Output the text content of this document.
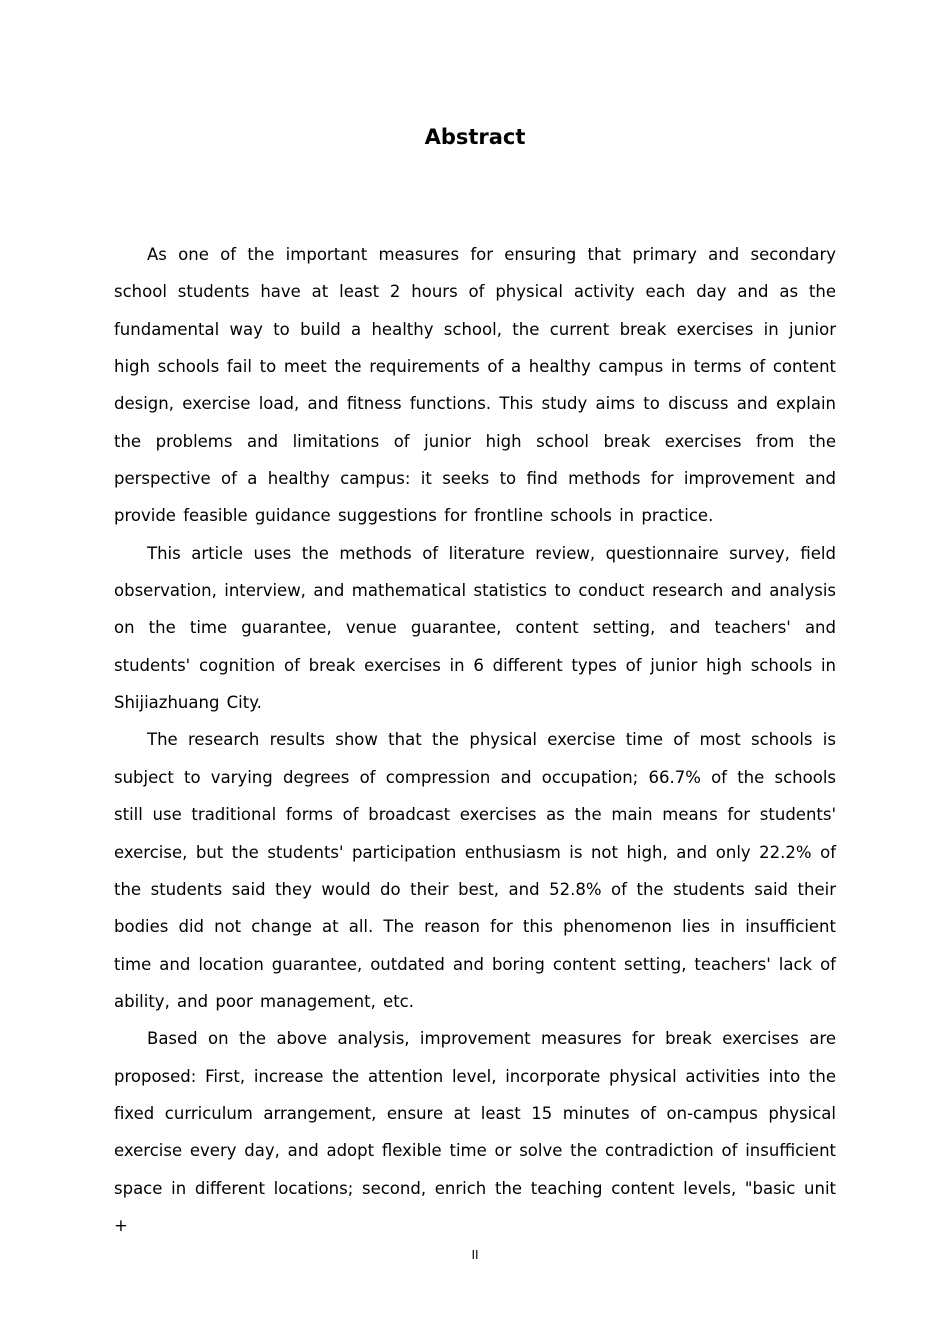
Abstract

As one of the important measures for ensuring that primary and secondary school students have at least 2 hours of physical activity each day and as the fundamental way to build a healthy school, the current break exercises in junior high schools fail to meet the requirements of a healthy campus in terms of content design, exercise load, and fitness functions. This study aims to discuss and explain the problems and limitations of junior high school break exercises from the perspective of a healthy campus: it seeks to find methods for improvement and provide feasible guidance suggestions for frontline schools in practice.

This article uses the methods of literature review, questionnaire survey, field observation, interview, and mathematical statistics to conduct research and analysis on the time guarantee, venue guarantee, content setting, and teachers' and students' cognition of break exercises in 6 different types of junior high schools in Shijiazhuang City.

The research results show that the physical exercise time of most schools is subject to varying degrees of compression and occupation; 66.7% of the schools still use traditional forms of broadcast exercises as the main means for students' exercise, but the students' participation enthusiasm is not high, and only 22.2% of the students said they would do their best, and 52.8% of the students said their bodies did not change at all. The reason for this phenomenon lies in insufficient time and location guarantee, outdated and boring content setting, teachers' lack of ability, and poor management, etc.

Based on the above analysis, improvement measures for break exercises are proposed: First, increase the attention level, incorporate physical activities into the fixed curriculum arrangement, ensure at least 15 minutes of on-campus physical exercise every day, and adopt flexible time or solve the contradiction of insufficient space in different locations; second, enrich the teaching content levels, "basic unit +

II
